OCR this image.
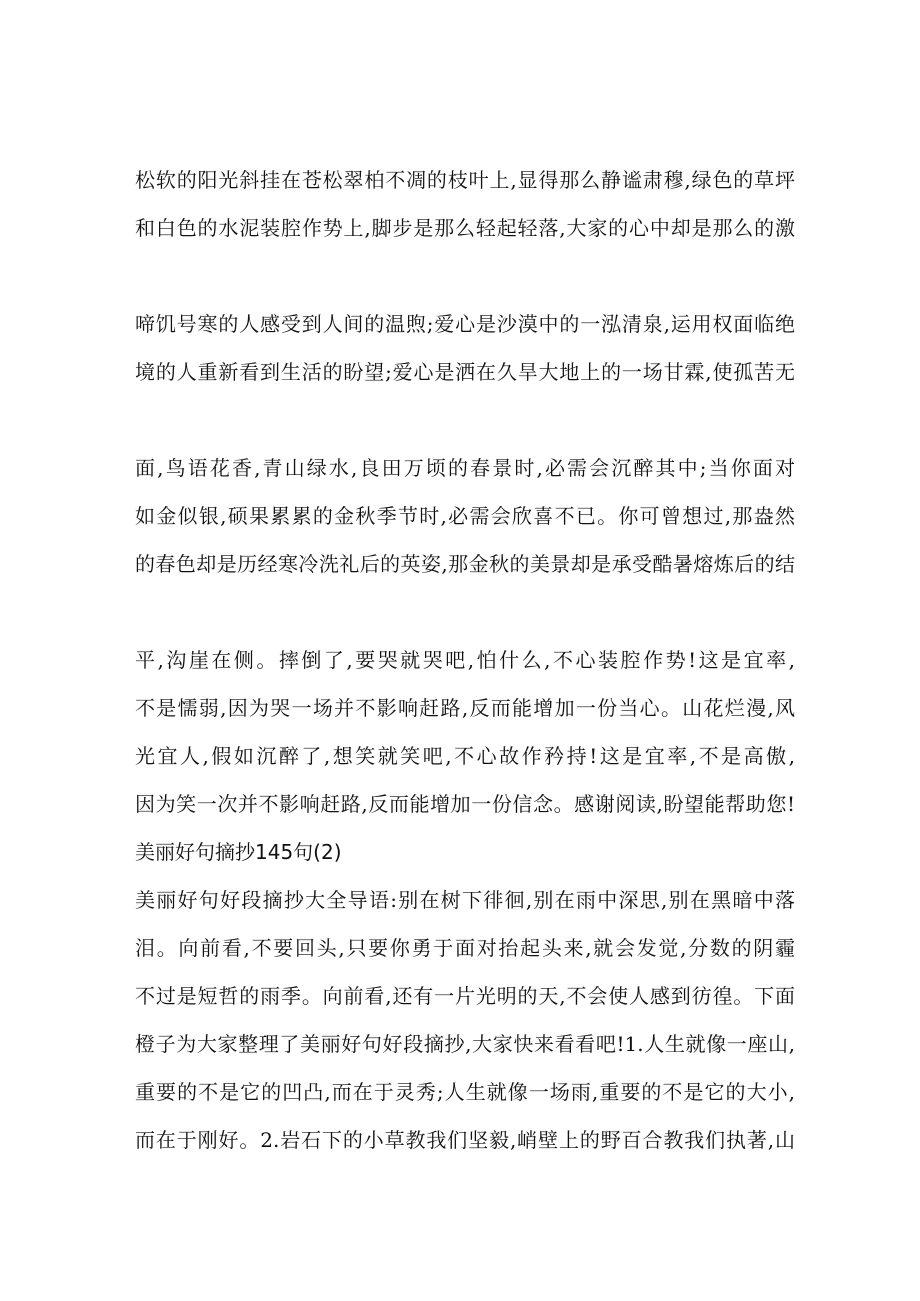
松软的阳光斜挂在苍松翠柏不凋的枝叶上,显得那么静谧肃穆,绿色的草坪
和白色的水泥装腔作势上,脚步是那么轻起轻落,大家的心中却是那么的激
啼饥号寒的人感受到人间的温煦;爱心是沙漠中的一泓清泉,运用权面临绝
境的人重新看到生活的盼望;爱心是洒在久旱大地上的一场甘霖,使孤苦无
面,鸟语花香,青山绿水,良田万顷的春景时,必需会沉醉其中;当你面对
如金似银,硕果累累的金秋季节时,必需会欣喜不已。你可曾想过,那盎然
的春色却是历经寒冷洗礼后的英姿,那金秋的美景却是承受酷暑熔炼后的结
平,沟崖在侧。摔倒了,要哭就哭吧,怕什么,不心装腔作势!这是宜率,
不是懦弱,因为哭一场并不影响赶路,反而能增加一份当心。山花烂漫,风
光宜人,假如沉醉了,想笑就笑吧,不心故作矜持!这是宜率,不是高傲,
因为笑一次并不影响赶路,反而能增加一份信念。感谢阅读,盼望能帮助您!
美丽好句摘抄145句(2)
美丽好句好段摘抄大全导语:别在树下徘徊,别在雨中深思,别在黑暗中落
泪。向前看,不要回头,只要你勇于面对抬起头来,就会发觉,分数的阴霾
不过是短哲的雨季。向前看,还有一片光明的天,不会使人感到彷徨。下面
橙子为大家整理了美丽好句好段摘抄,大家快来看看吧!1.人生就像一座山,
重要的不是它的凹凸,而在于灵秀;人生就像一场雨,重要的不是它的大小,
而在于刚好。2.岩石下的小草教我们坚毅,峭壁上的野百合教我们执著,山
